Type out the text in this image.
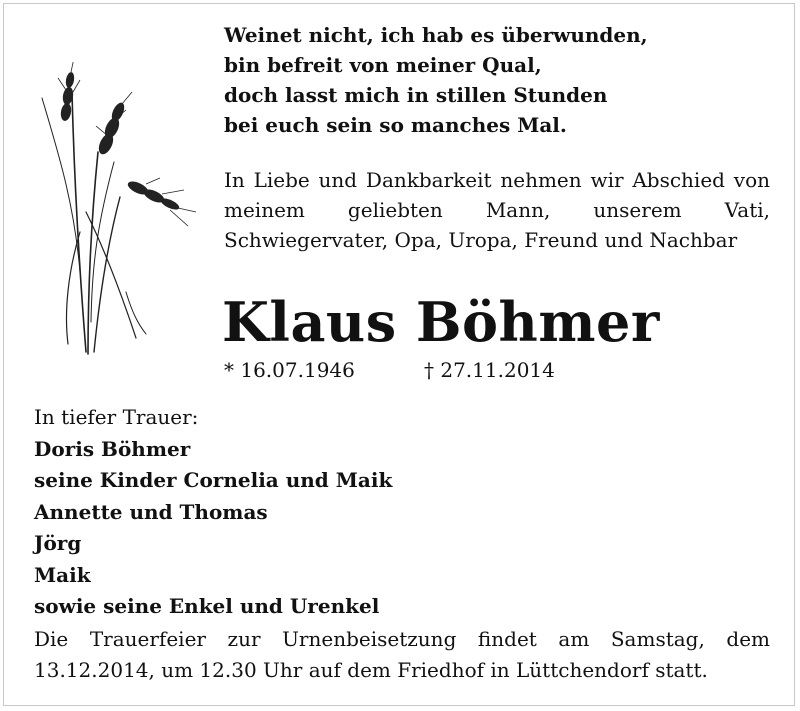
Weinet nicht, ich hab es überwunden,
bin befreit von meiner Qual,
doch lasst mich in stillen Stunden
bei euch sein so manches Mal.
In Liebe und Dankbarkeit nehmen wir Abschied von meinem geliebten Mann, unserem Vati, Schwiegervater, Opa, Uropa, Freund und Nachbar
Klaus Böhmer
* 16.07.1946	† 27.11.2014
In tiefer Trauer:
Doris Böhmer
seine Kinder Cornelia und Maik
Annette und Thomas
Jörg
Maik
sowie seine Enkel und Urenkel
Die Trauerfeier zur Urnenbeisetzung findet am Samstag, dem 13.12.2014, um 12.30 Uhr auf dem Friedhof in Lüttchendorf statt.
